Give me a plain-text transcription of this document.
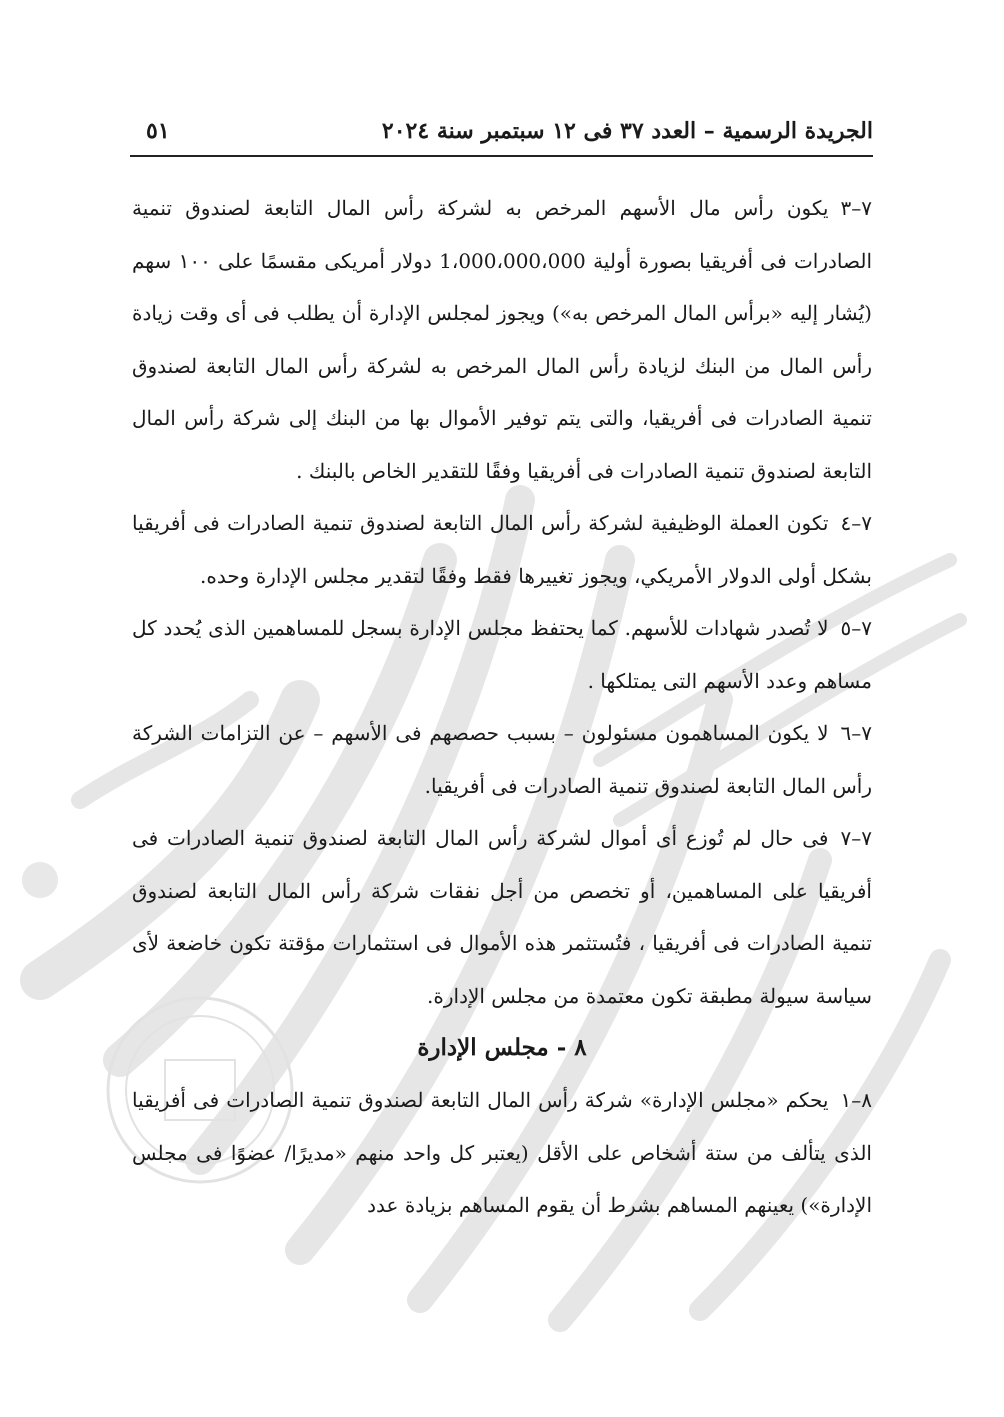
الجريدة الرسمية – العدد ٣٧ فى ١٢ سبتمبر سنة ٢٠٢٤
٥١

٧–٣يكون رأس مال الأسهم المرخص به لشركة رأس المال التابعة لصندوق تنمية الصادرات فى أفريقيا بصورة أولية 1،000،000،000 دولار أمريكى مقسمًا على ١٠٠ سهم (يُشار إليه «برأس المال المرخص به») ويجوز لمجلس الإدارة أن يطلب فى أى وقت زيادة رأس المال من البنك لزيادة رأس المال المرخص به لشركة رأس المال التابعة لصندوق تنمية الصادرات فى أفريقيا، والتى يتم توفير الأموال بها من البنك إلى شركة رأس المال التابعة لصندوق تنمية الصادرات فى أفريقيا وفقًا للتقدير الخاص بالبنك .

٧–٤تكون العملة الوظيفية لشركة رأس المال التابعة لصندوق تنمية الصادرات فى أفريقيا بشكل أولى الدولار الأمريكي، ويجوز تغييرها فقط وفقًا لتقدير مجلس الإدارة وحده.

٧–٥لا تُصدر شهادات للأسهم. كما يحتفظ مجلس الإدارة بسجل للمساهمين الذى يُحدد كل مساهم وعدد الأسهم التى يمتلكها .

٧–٦لا يكون المساهمون مسئولون – بسبب حصصهم فى الأسهم – عن التزامات الشركة رأس المال التابعة لصندوق تنمية الصادرات فى أفريقيا.

٧–٧فى حال لم تُوزع أى أموال لشركة رأس المال التابعة لصندوق تنمية الصادرات فى أفريقيا على المساهمين، أو تخصص من أجل نفقات شركة رأس المال التابعة لصندوق تنمية الصادرات فى أفريقيا ، فتُستثمر هذه الأموال فى استثمارات مؤقتة تكون خاضعة لأى سياسة سيولة مطبقة تكون معتمدة من مجلس الإدارة.

٨ - مجلس الإدارة

٨–١يحكم «مجلس الإدارة» شركة رأس المال التابعة لصندوق تنمية الصادرات فى أفريقيا الذى يتألف من ستة أشخاص على الأقل (يعتبر كل واحد منهم «مديرًا/ عضوًا فى مجلس الإدارة») يعينهم المساهم بشرط أن يقوم المساهم بزيادة عدد
